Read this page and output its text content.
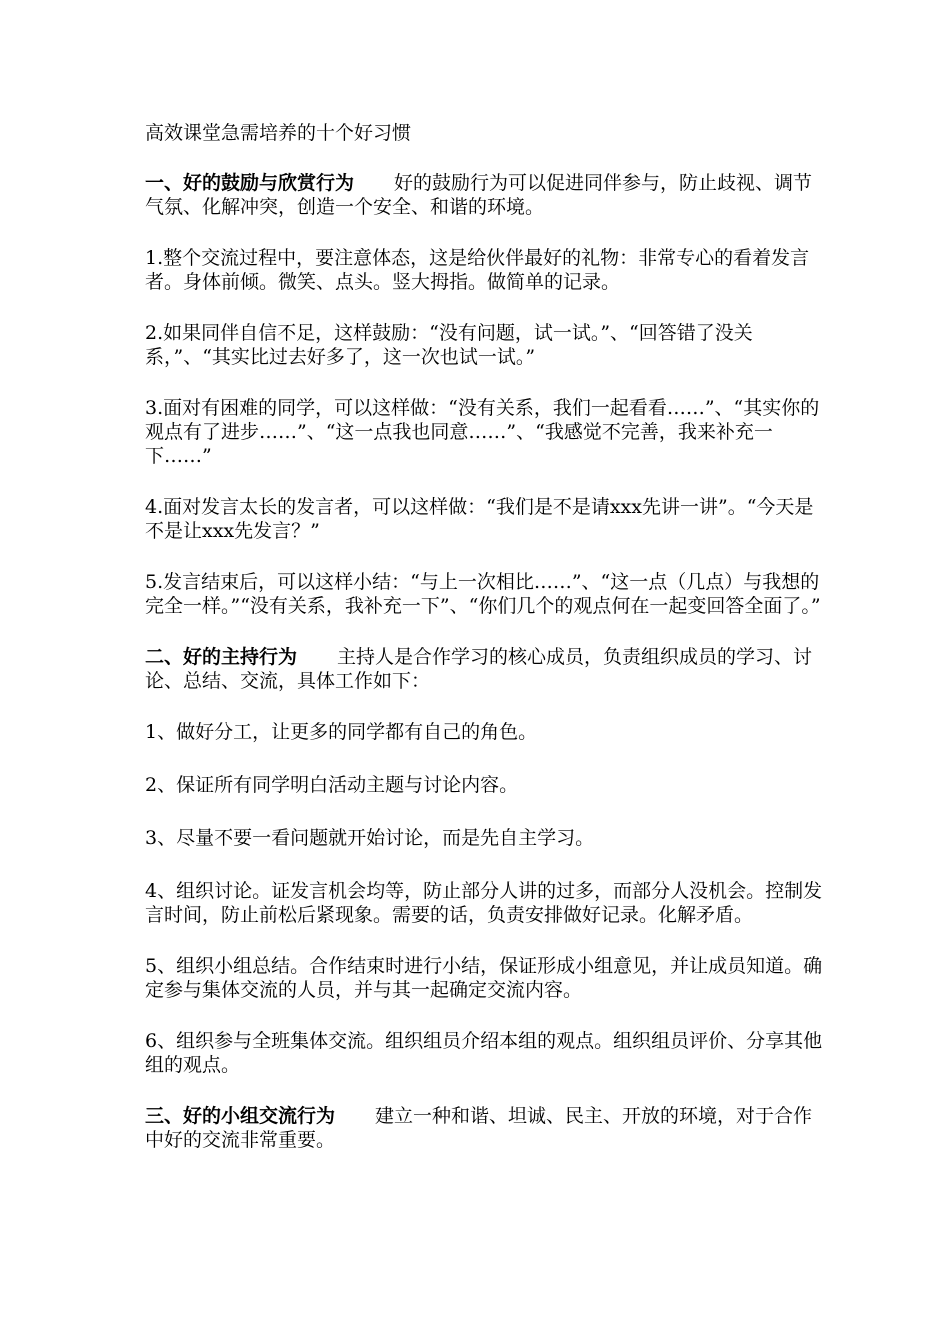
高效课堂急需培养的十个好习惯

一、好的鼓励与欣赏行为 好的鼓励行为可以促进同伴参与，防止歧视、调节气氛、化解冲突，创造一个安全、和谐的环境。

1.整个交流过程中，要注意体态，这是给伙伴最好的礼物：非常专心的看着发言者。身体前倾。微笑、点头。竖大拇指。做简单的记录。

2.如果同伴自信不足，这样鼓励：“没有问题，试一试。”、“回答错了没关系，”、“其实比过去好多了，这一次也试一试。”

3.面对有困难的同学，可以这样做：“没有关系，我们一起看看……”、“其实你的观点有了进步……”、“这一点我也同意……”、“我感觉不完善，我来补充一下……”

4.面对发言太长的发言者，可以这样做：“我们是不是请xxx先讲一讲”。“今天是不是让xxx先发言？”

5.发言结束后，可以这样小结：“与上一次相比……”、“这一点（几点）与我想的完全一样。”“没有关系，我补充一下”、“你们几个的观点何在一起变回答全面了。”

二、好的主持行为 主持人是合作学习的核心成员，负责组织成员的学习、讨论、总结、交流，具体工作如下：

1、做好分工，让更多的同学都有自己的角色。

2、保证所有同学明白活动主题与讨论内容。

3、尽量不要一看问题就开始讨论，而是先自主学习。

4、组织讨论。证发言机会均等，防止部分人讲的过多，而部分人没机会。控制发言时间，防止前松后紧现象。需要的话，负责安排做好记录。化解矛盾。

5、组织小组总结。合作结束时进行小结，保证形成小组意见，并让成员知道。确定参与集体交流的人员，并与其一起确定交流内容。

6、组织参与全班集体交流。组织组员介绍本组的观点。组织组员评价、分享其他组的观点。

三、好的小组交流行为 建立一种和谐、坦诚、民主、开放的环境，对于合作中好的交流非常重要。
